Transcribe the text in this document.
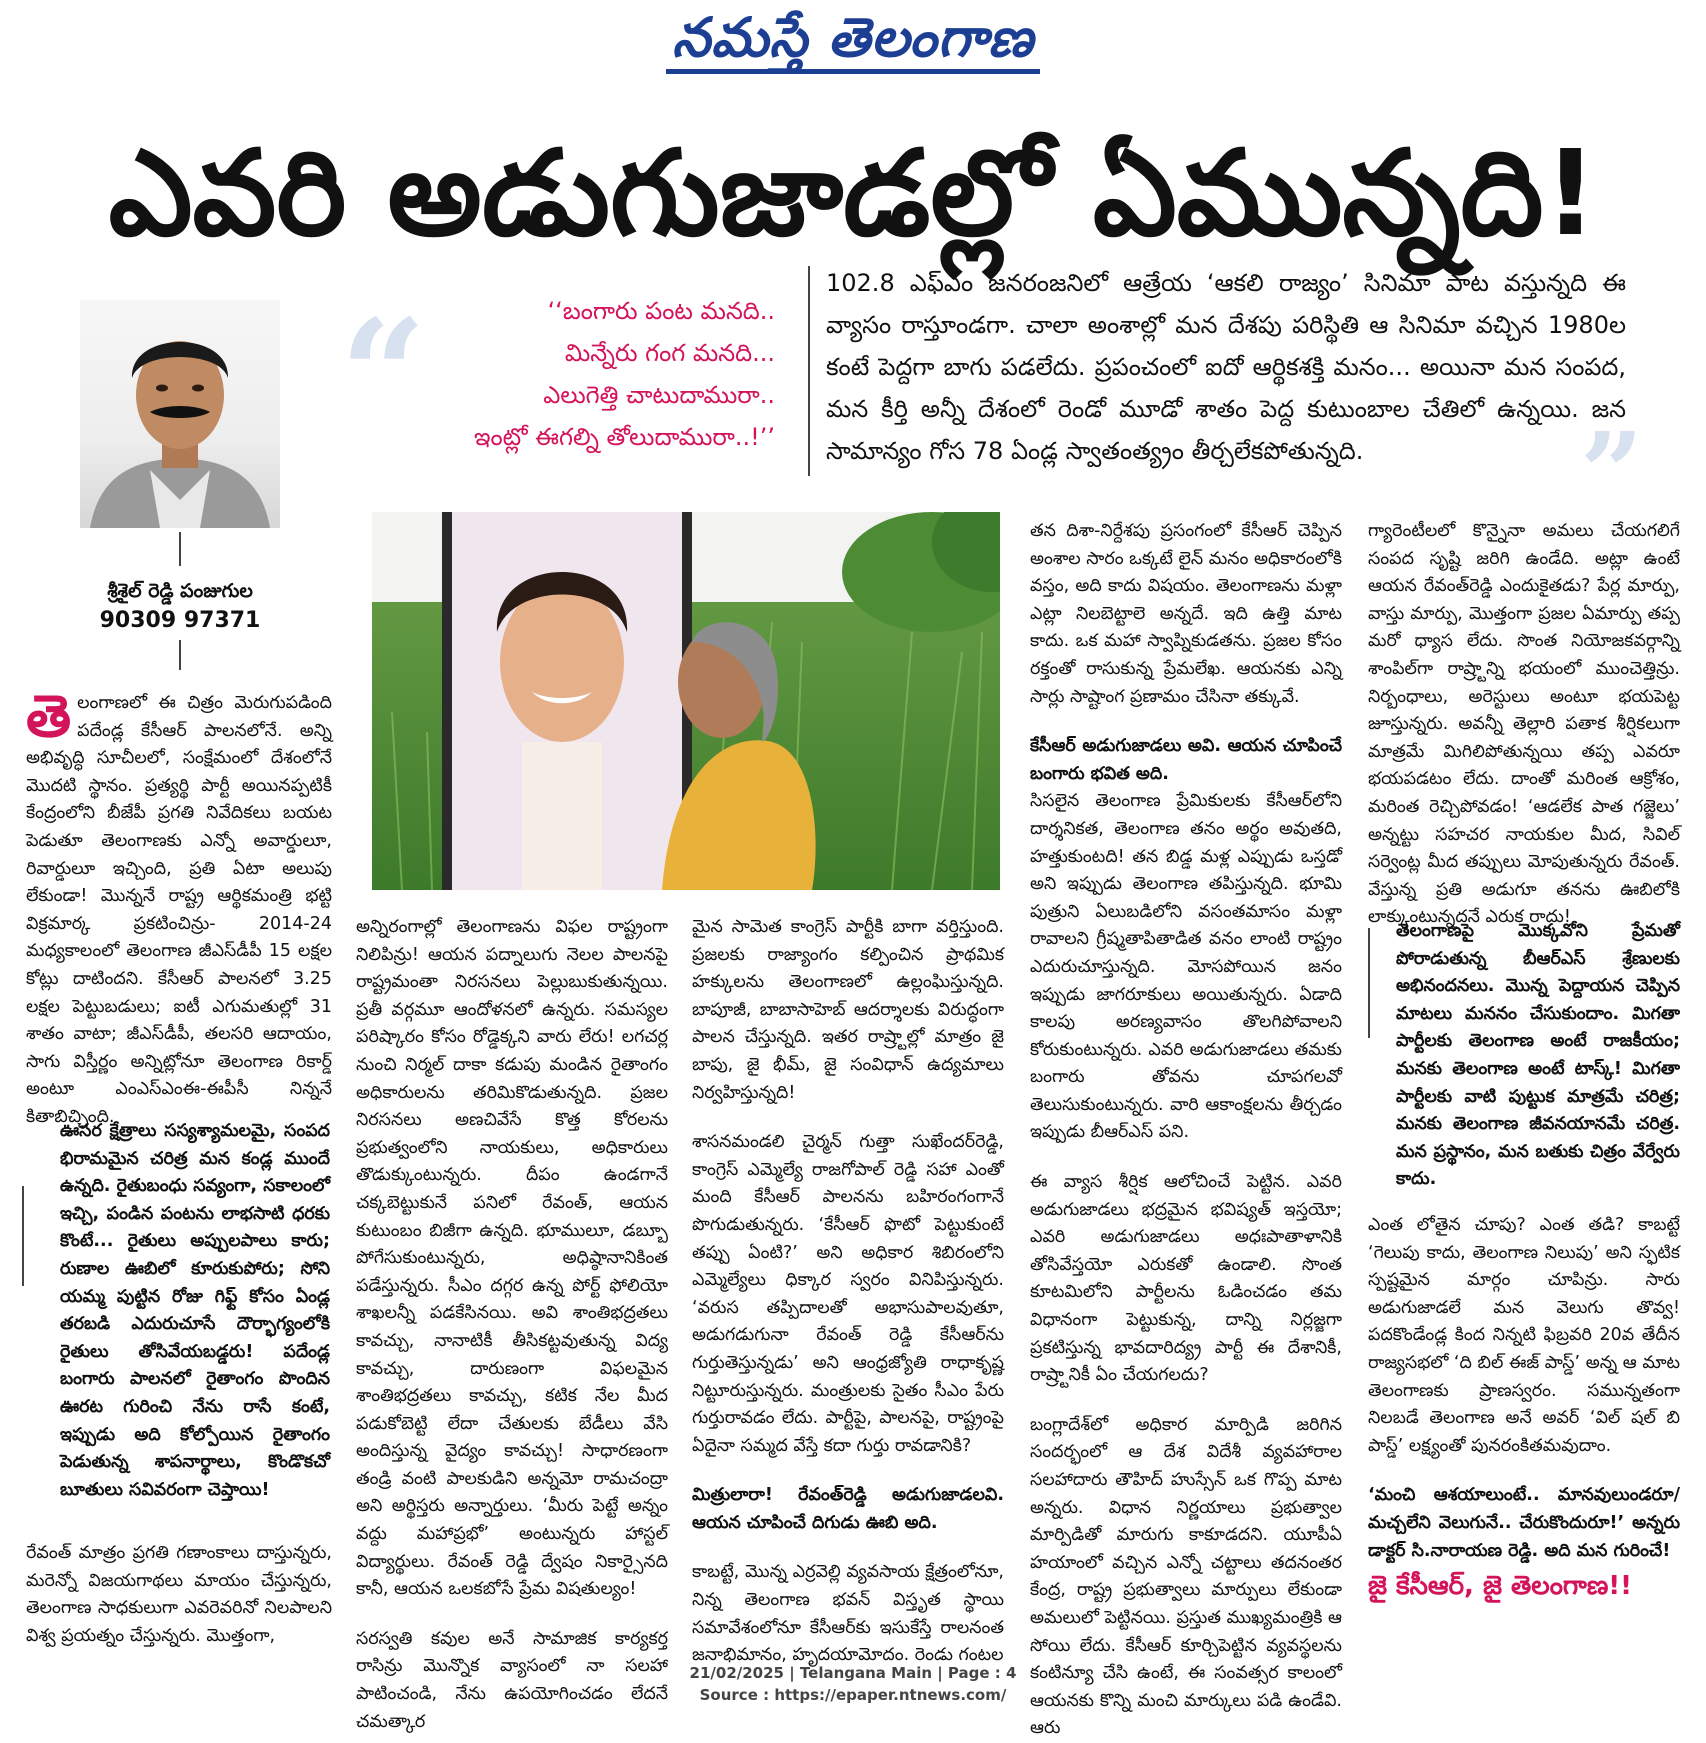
నమస్తే తెలంగాణ
ఎవరి అడుగుజాడల్లో ఏమున్నది!
“	‘‘బంగారు పంట మనది..
మిన్నేరు గంగ మనది...
ఎలుగెత్తి చాటుదామురా..
ఇంట్లో ఈగల్ని తోలుదామురా..!’’
102.8 ఎఫ్‌ఎం జనరంజనిలో ఆత్రేయ ‘ఆకలి రాజ్యం’ సినిమా పాట వస్తున్నది ఈ వ్యాసం రాస్తూండగా. చాలా అంశాల్లో మన దేశపు పరిస్థితి ఆ సినిమా వచ్చిన 1980ల కంటే పెద్దగా బాగు పడలేదు. ప్రపంచంలో ఐదో ఆర్థికశక్తి మనం... అయినా మన సంపద, మన కీర్తి అన్నీ దేశంలో రెండో మూడో శాతం పెద్ద కుటుంబాల చేతిలో ఉన్నయి. జన సామాన్యం గోస 78 ఏండ్ల స్వాతంత్య్రం తీర్చలేకపోతున్నది.	”
శ్రీశైల్ రెడ్డి పంజుగుల
90309 97371

తెలంగాణలో ఈ చిత్రం మెరుగుపడింది పదేండ్ల కేసీఆర్ పాలనలోనే. అన్ని అభివృద్ధి సూచీలలో, సంక్షేమంలో దేశంలోనే మొదటి స్థానం. ప్రత్యర్థి పార్టీ అయినప్పటికీ కేంద్రంలోని బీజేపీ ప్రగతి నివేదికలు బయట పెడుతూ తెలంగాణకు ఎన్నో అవార్డులూ, రివార్డులూ ఇచ్చింది, ప్రతి ఏటా అలుపు లేకుండా! మొన్ననే రాష్ట్ర ఆర్థికమంత్రి భట్టి విక్రమార్క ప్రకటించిన్రు- 2014-24 మధ్యకాలంలో తెలంగాణ జీఎస్‌డీపీ 15 లక్షల కోట్లు దాటిందని. కేసీఆర్ పాలనలో 3.25 లక్షల పెట్టుబడులు; ఐటీ ఎగుమతుల్లో 31 శాతం వాటా; జీఎస్‌డీపీ, తలసరి ఆదాయం, సాగు విస్తీర్ణం అన్నిట్లోనూ తెలంగాణ రికార్డ్ అంటూ ఎంఎస్‌ఎంఈ-ఈపీసీ నిన్ననే కితాబిచ్చింది.

ఊసర క్షేత్రాలు సస్యశ్యామలమై, సంపద భిరామమైన చరిత్ర మన కండ్ల ముందే ఉన్నది. రైతుబంధు సవ్యంగా, సకాలంలో ఇచ్చి, పండిన పంటను లాభసాటి ధరకు కొంటే... రైతులు అప్పులపాలు కారు; రుణాల ఊబిలో కూరుకుపోరు; సోని యమ్మ పుట్టిన రోజు గిఫ్ట్ కోసం ఏండ్ల తరబడి ఎదురుచూసే దౌర్భాగ్యంలోకి రైతులు తోసివేయబడ్డరు! పదేండ్ల బంగారు పాలనలో రైతాంగం పొందిన ఊరట గురించి నేను రాసే కంటే, ఇప్పుడు అది కోల్పోయిన రైతాంగం పెడుతున్న శాపనార్థాలు, కొండొకచో బూతులు సవివరంగా చెప్తాయి!

రేవంత్ మాత్రం ప్రగతి గణాంకాలు దాస్తున్నరు, మరెన్నో విజయగాథలు మాయం చేస్తున్నరు, తెలంగాణ సాధకులుగా ఎవరెవరినో నిలపాలని విశ్వ ప్రయత్నం చేస్తున్నరు. మొత్తంగా,

అన్నిరంగాల్లో తెలంగాణను విఫల రాష్ట్రంగా నిలిపిన్రు! ఆయన పద్నాలుగు నెలల పాలనపై రాష్ట్రమంతా నిరసనలు పెల్లుబుకుతున్నయి. ప్రతీ వర్గమూ ఆందోళనలో ఉన్నరు. సమస్యల పరిష్కారం కోసం రోడ్డెక్కని వారు లేరు! లగచర్ల నుంచి నిర్మల్ దాకా కడుపు మండిన రైతాంగం అధికారులను తరిమికొడుతున్నది. ప్రజల నిరసనలు అణచివేసే కొత్త కోరలను ప్రభుత్వంలోని నాయకులు, అధికారులు తొడుక్కుంటున్నరు. దీపం ఉండగానే చక్కబెట్టుకునే పనిలో రేవంత్, ఆయన కుటుంబం బిజీగా ఉన్నది. భూములూ, డబ్బూ పోగేసుకుంటున్నరు, అధిష్ఠానానికింత పడేస్తున్నరు. సీఎం దగ్గర ఉన్న పోర్ట్ ఫోలియో శాఖలన్నీ పడకేసినయి. అవి శాంతిభద్రతలు కావచ్చు, నానాటికీ తీసికట్టవుతున్న విద్య కావచ్చు, దారుణంగా విఫలమైన శాంతిభద్రతలు కావచ్చు, కటిక నేల మీద పడుకోబెట్టి లేదా చేతులకు బేడీలు వేసి అందిస్తున్న వైద్యం కావచ్చు! సాధారణంగా తండ్రి వంటి పాలకుడిని అన్నమో రామచంద్రా అని అర్థిస్తరు అన్నార్తులు. ‘మీరు పెట్టే అన్నం వద్దు మహాప్రభో’ అంటున్నరు హాస్టల్ విద్యార్థులు. రేవంత్ రెడ్డి ద్వేషం నికార్సైనది కానీ, ఆయన ఒలకబోసే ప్రేమ విషతుల్యం!

సరస్వతి కవుల అనే సామాజిక కార్యకర్త రాసిన్రు మొన్నొక వ్యాసంలో నా సలహా పాటించండి, నేను ఉపయోగించడం లేదనే చమత్కార

మైన సామెత కాంగ్రెస్ పార్టీకి బాగా వర్తిస్తుంది. ప్రజలకు రాజ్యాంగం కల్పించిన ప్రాథమిక హక్కులను తెలంగాణలో ఉల్లంఘిస్తున్నది. బాపూజీ, బాబాసాహెబ్ ఆదర్శాలకు విరుద్ధంగా పాలన చేస్తున్నది. ఇతర రాష్ర్టాల్లో మాత్రం జై బాపు, జై భీమ్, జై సంవిధాన్ ఉద్యమాలు నిర్వహిస్తున్నది!

శాసనమండలి చైర్మన్ గుత్తా సుఖేందర్‌రెడ్డి, కాంగ్రెస్ ఎమ్మెల్యే రాజగోపాల్ రెడ్డి సహా ఎంతో మంది కేసీఆర్ పాలనను బహిరంగంగానే పొగుడుతున్నరు. ‘కేసీఆర్ ఫొటో పెట్టుకుంటే తప్పు ఏంటి?’ అని అధికార శిబిరంలోని ఎమ్మెల్యేలు ధిక్కార స్వరం వినిపిస్తున్నరు. ‘వరుస తప్పిదాలతో అభాసుపాలవుతూ, అడుగడుగునా రేవంత్ రెడ్డి కేసీఆర్‌ను గుర్తుతెస్తున్నడు’ అని ఆంధ్రజ్యోతి రాధాకృష్ణ నిట్టూరుస్తున్నరు. మంత్రులకు సైతం సీఎం పేరు గుర్తురావడం లేదు. పార్టీపై, పాలనపై, రాష్ట్రంపై ఏదైనా సమ్మద వేస్తే కదా గుర్తు రావడానికి?

మిత్రులారా! రేవంత్‌రెడ్డి అడుగుజాడలవి. ఆయన చూపించే దిగుడు ఊబి అది.

కాబట్టే, మొన్న ఎర్రవెల్లి వ్యవసాయ క్షేత్రంలోనూ, నిన్న తెలంగాణ భవన్ విస్తృత స్థాయి సమావేశంలోనూ కేసీఆర్‌కు ఇసుకేస్తే రాలనంత జనాభిమానం, హృదయామోదం. రెండు గంటల

తన దిశా-నిర్దేశపు ప్రసంగంలో కేసీఆర్ చెప్పిన అంశాల సారం ఒక్కటే లైన్ మనం అధికారంలోకి వస్తం, అది కాదు విషయం. తెలంగాణను మళ్లా ఎట్లా నిలబెట్టాలె అన్నదే. ఇది ఉత్తి మాట కాదు. ఒక మహా స్వాప్నికుడతను. ప్రజల కోసం రక్తంతో రాసుకున్న ప్రేమలేఖ. ఆయనకు ఎన్ని సార్లు సాష్టాంగ ప్రణామం చేసినా తక్కువే.

కేసీఆర్ అడుగుజాడలు అవి. ఆయన చూపించే బంగారు భవిత అది.

సిసలైన తెలంగాణ ప్రేమికులకు కేసీఆర్‌లోని దార్శనికత, తెలంగాణ తనం అర్థం అవుతది, హత్తుకుంటది! తన బిడ్డ మళ్ల ఎప్పుడు ఒస్తడో అని ఇప్పుడు తెలంగాణ తపిస్తున్నది. భూమి పుత్రుని ఏలుబడిలోని వసంతమాసం మళ్లా రావాలని గ్రీష్మతాపితాడిత వనం లాంటి రాష్ట్రం ఎదురుచూస్తున్నది. మోసపోయిన జనం ఇప్పుడు జాగరూకులు అయితున్నరు. ఏడాది కాలపు అరణ్యవాసం తొలగిపోవాలని కోరుకుంటున్నరు. ఎవరి అడుగుజాడలు తమకు బంగారు తోవను చూపగలవో తెలుసుకుంటున్నరు. వారి ఆకాంక్షలను తీర్చడం ఇప్పుడు బీఆర్‌ఎస్ పని.

ఈ వ్యాస శీర్షిక ఆలోచించే పెట్టిన. ఎవరి అడుగుజాడలు భద్రమైన భవిష్యత్ ఇస్తయో; ఎవరి అడుగుజాడలు అధఃపాతాళానికి తోసివేస్తయో ఎరుకతో ఉండాలి. సొంత కూటమిలోని పార్టీలను ఓడించడం తమ విధానంగా పెట్టుకున్న, దాన్ని నిర్లజ్జగా ప్రకటిస్తున్న భావదారిద్య్ర పార్టీ ఈ దేశానికీ, రాష్ర్టానికీ ఏం చేయగలదు?

బంగ్లాదేశ్‌లో అధికార మార్పిడి జరిగిన సందర్భంలో ఆ దేశ విదేశీ వ్యవహారాల సలహాదారు తౌహిద్ హుస్సేన్ ఒక గొప్ప మాట అన్నరు. విధాన నిర్ణయాలు ప్రభుత్వాల మార్పిడితో మారుగు కాకూడదని. యూపీఏ హయాంలో వచ్చిన ఎన్నో చట్టాలు తదనంతర కేంద్ర, రాష్ట్ర ప్రభుత్వాలు మార్పులు లేకుండా అమలులో పెట్టినయి. ప్రస్తుత ముఖ్యమంత్రికి ఆ సోయి లేదు. కేసీఆర్ కూర్చిపెట్టిన వ్యవస్థలను కంటిన్యూ చేసి ఉంటే, ఈ సంవత్సర కాలంలో ఆయనకు కొన్ని మంచి మార్కులు పడి ఉండేవి. ఆరు

గ్యారెంటీలలో కొన్నైనా అమలు చేయగలిగే సంపద సృష్టి జరిగి ఉండేది. అట్లా ఉంటే ఆయన రేవంత్‌రెడ్డి ఎందుకైతడు? పేర్ల మార్పు, వాస్తు మార్పు, మొత్తంగా ప్రజల ఏమార్పు తప్ప మరో ధ్యాస లేదు. సొంత నియోజకవర్గాన్ని శాంపిల్‌గా రాష్ర్టాన్ని భయంలో ముంచెత్తిన్రు. నిర్బంధాలు, అరెస్టులు అంటూ భయపెట్ట జూస్తున్నరు. అవన్నీ తెల్లారి పతాక శీర్షికలుగా మాత్రమే మిగిలిపోతున్నయి తప్ప ఎవరూ భయపడటం లేదు. దాంతో మరింత ఆక్రోశం, మరింత రెచ్చిపోవడం! ‘ఆడలేక పాత గజ్జెలు’ అన్నట్టు సహచర నాయకుల మీద, సివిల్ సర్వెంట్ల మీద తప్పులు మోపుతున్నరు రేవంత్. వేస్తున్న ప్రతి అడుగూ తనను ఊబిలోకి లాక్కుంటున్నదనే ఎరుక రాదు!

తెలంగాణపై మొక్కవోని ప్రేమతో పోరాడుతున్న బీఆర్‌ఎస్ శ్రేణులకు అభినందనలు. మొన్న పెద్దాయన చెప్పిన మాటలు మననం చేసుకుందాం. మిగతా పార్టీలకు తెలంగాణ అంటే రాజకీయం; మనకు తెలంగాణ అంటే టాస్క్! మిగతా పార్టీలకు వాటి పుట్టుక మాత్రమే చరిత్ర; మనకు తెలంగాణ జీవనయానమే చరిత్ర. మన ప్రస్థానం, మన బతుకు చిత్రం వేర్వేరు కాదు.

ఎంత లోతైన చూపు? ఎంత తడి? కాబట్టే ‘గెలుపు కాదు, తెలంగాణ నిలుపు’ అని స్ఫటిక స్పష్టమైన మార్గం చూపిన్రు. సారు అడుగుజాడలే మన వెలుగు తొవ్వ! పదకొండేండ్ల కింద నిన్నటి ఫిబ్రవరి 20వ తేదీన రాజ్యసభలో ‘ది బిల్ ఈజ్ పాస్డ్’ అన్న ఆ మాట తెలంగాణకు ప్రాణస్వరం. సమున్నతంగా నిలబడే తెలంగాణ అనే అవర్ ‘విల్ షల్ బి పాస్డ్’ లక్ష్యంతో పునరంకితమవుదాం.

‘మంచి ఆశయాలుంటే.. మానవులుండరూ/ మచ్చలేని వెలుగునే.. చేరుకొందురూ!’ అన్నరు డాక్టర్ సి.నారాయణ రెడ్డి. అది మన గురించే!

జై కేసీఆర్, జై తెలంగాణ!!

21/02/2025 | Telangana Main | Page : 4
Source : https://epaper.ntnews.com/
